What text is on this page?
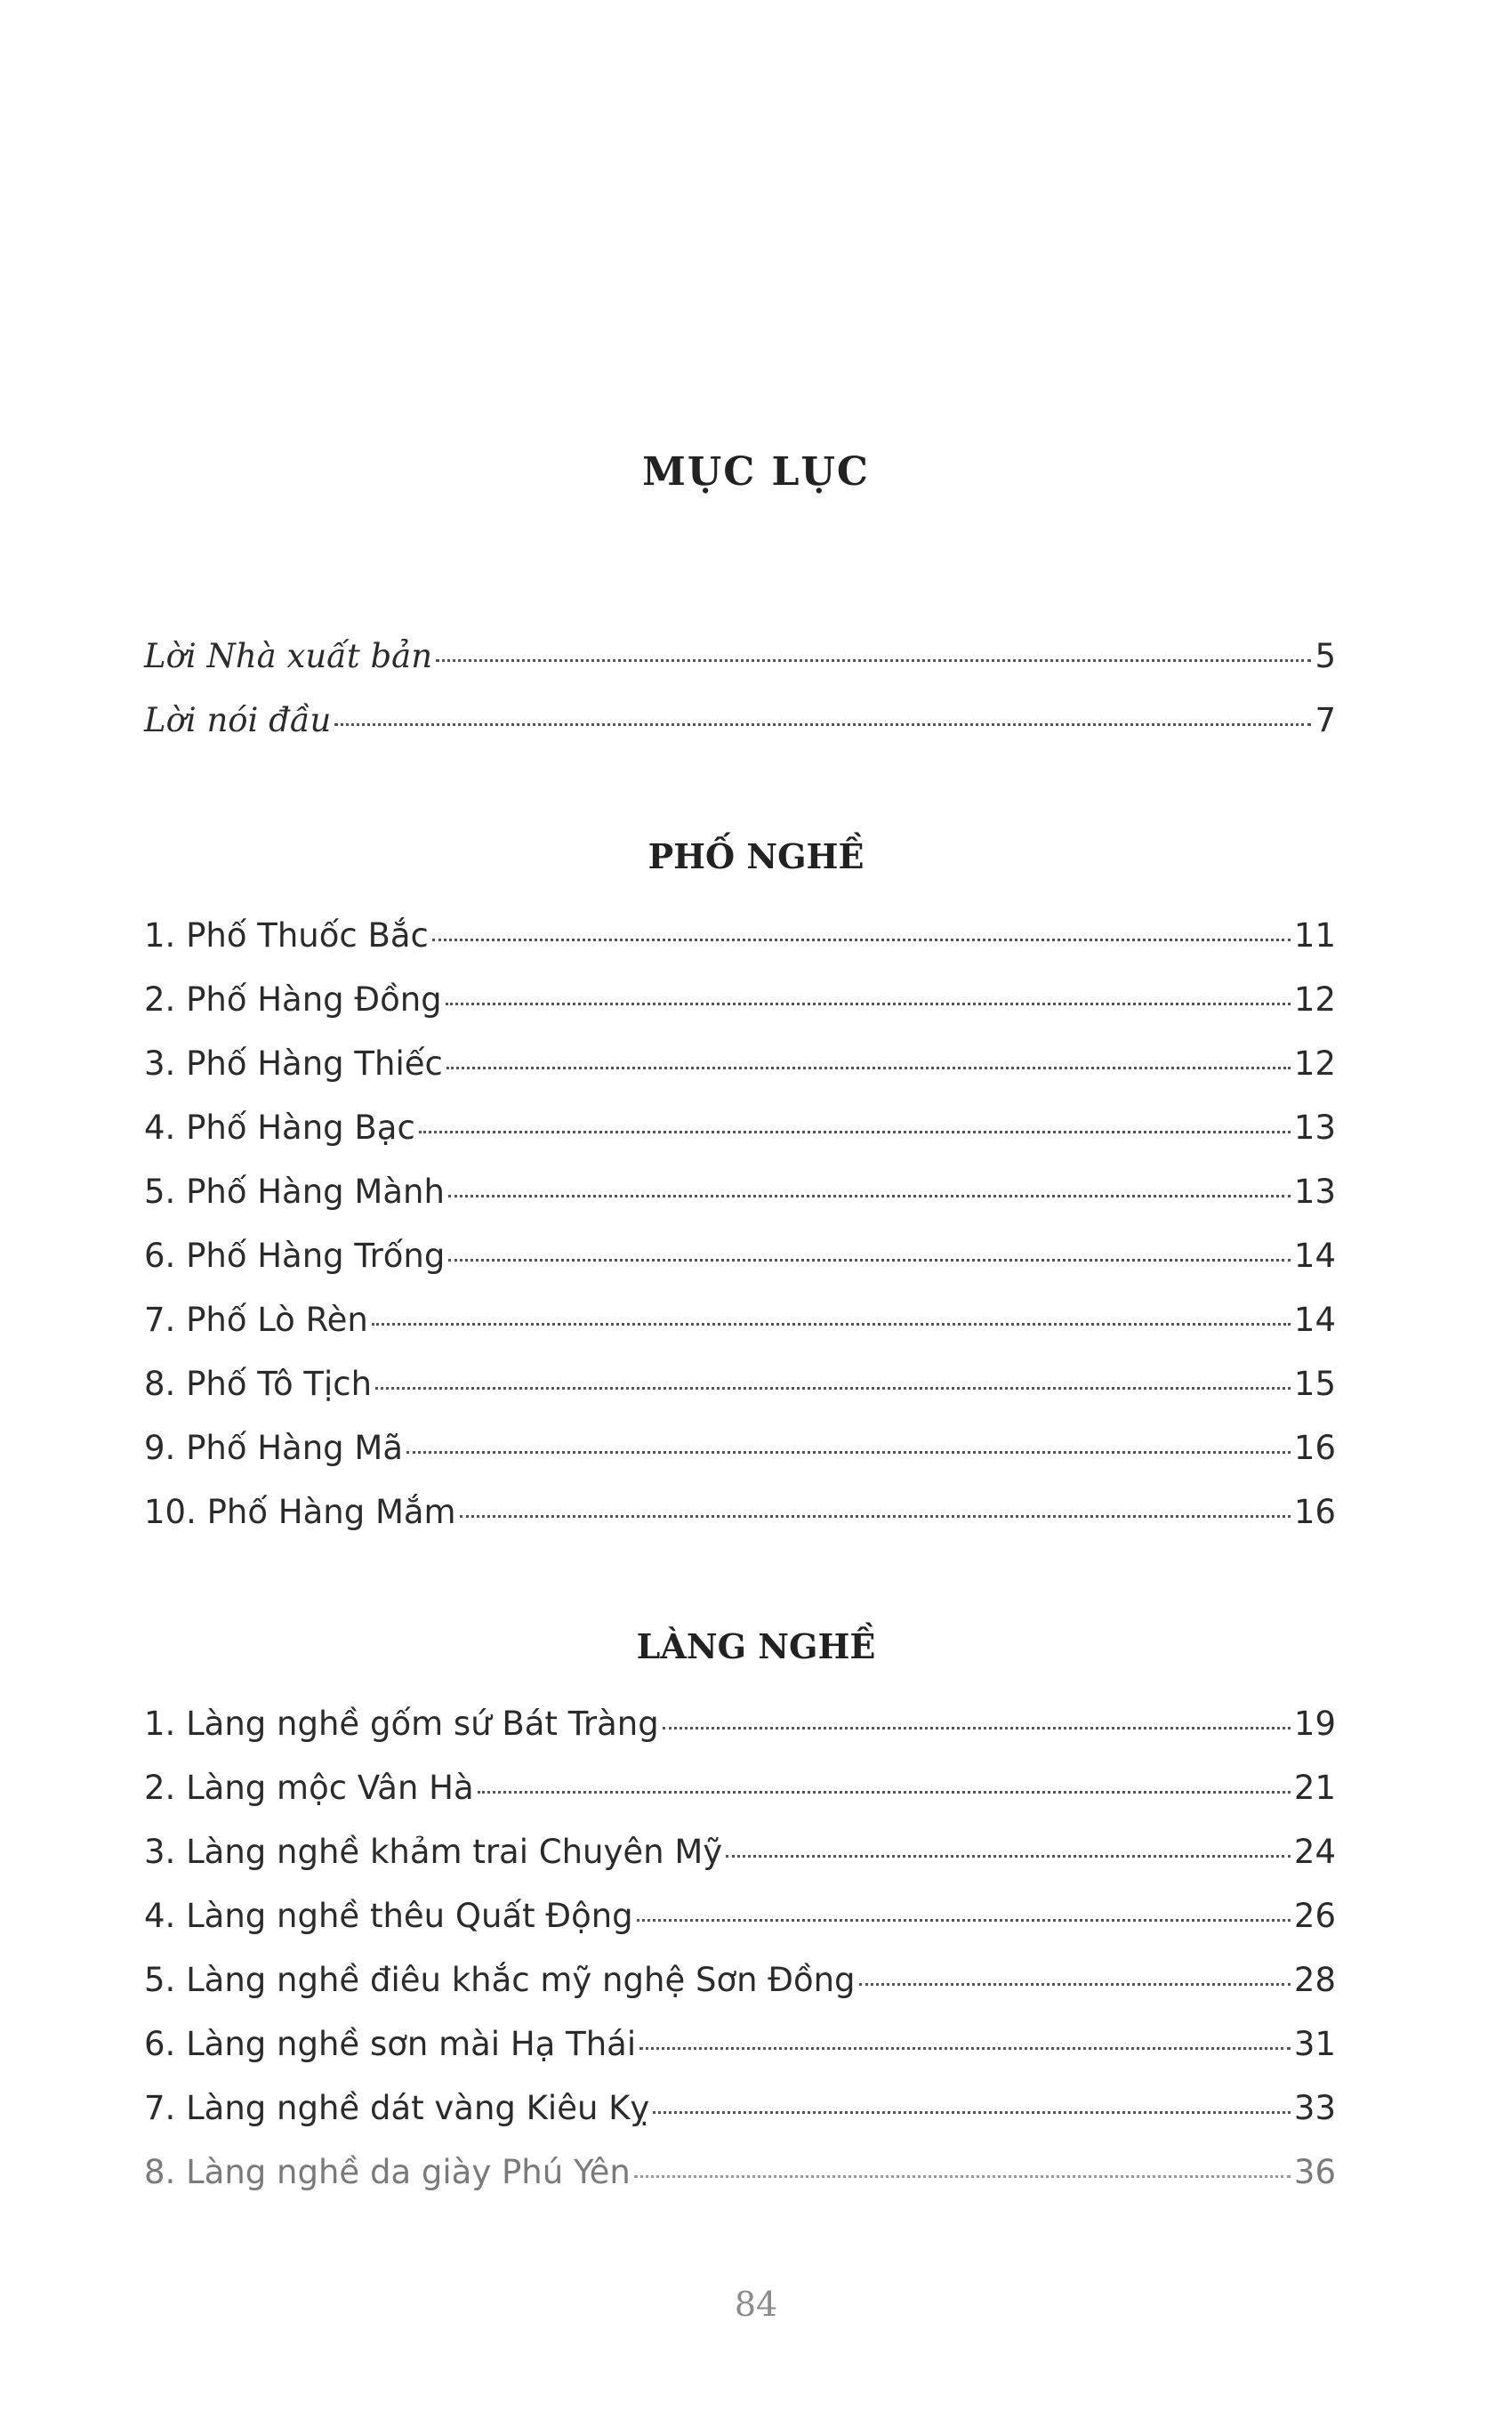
MỤC LỤC
Lời Nhà xuất bản	5
Lời nói đầu	7
PHỐ NGHỀ
1. Phố Thuốc Bắc	11
2. Phố Hàng Đồng	12
3. Phố Hàng Thiếc	12
4. Phố Hàng Bạc	13
5. Phố Hàng Mành	13
6. Phố Hàng Trống	14
7. Phố Lò Rèn	14
8. Phố Tô Tịch	15
9. Phố Hàng Mã	16
10. Phố Hàng Mắm	16
LÀNG NGHỀ
1. Làng nghề gốm sứ Bát Tràng	19
2. Làng mộc Vân Hà	21
3. Làng nghề khảm trai Chuyên Mỹ	24
4. Làng nghề thêu Quất Động	26
5. Làng nghề điêu khắc mỹ nghệ Sơn Đồng	28
6. Làng nghề sơn mài Hạ Thái	31
7. Làng nghề dát vàng Kiêu Kỵ	33
8. Làng nghề da giày Phú Yên	36
84
